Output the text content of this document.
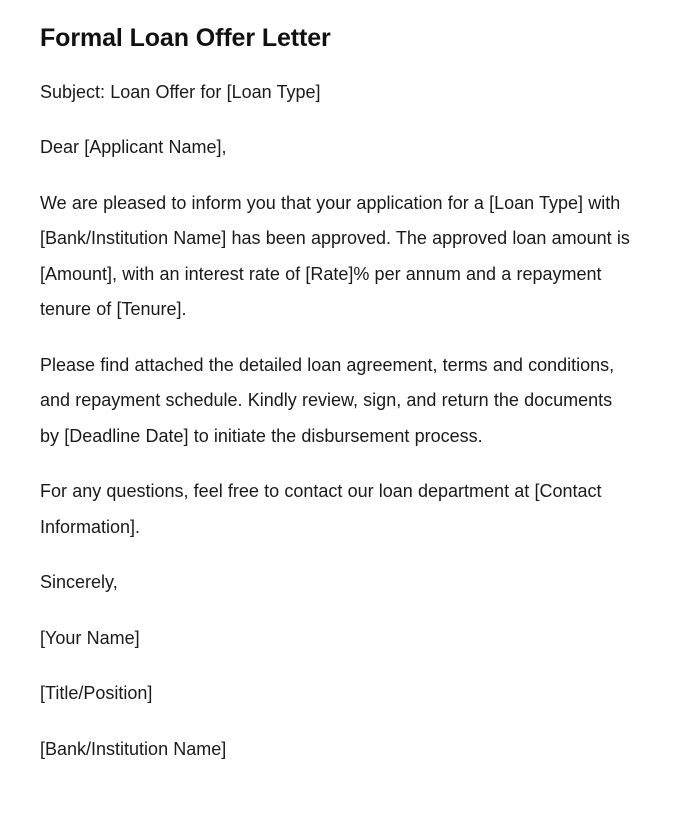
Formal Loan Offer Letter

Subject: Loan Offer for [Loan Type]

Dear [Applicant Name],

We are pleased to inform you that your application for a [Loan Type] with [Bank/Institution Name] has been approved. The approved loan amount is [Amount], with an interest rate of [Rate]% per annum and a repayment tenure of [Tenure].

Please find attached the detailed loan agreement, terms and conditions, and repayment schedule. Kindly review, sign, and return the documents by [Deadline Date] to initiate the disbursement process.

For any questions, feel free to contact our loan department at [Contact Information].

Sincerely,

[Your Name]

[Title/Position]

[Bank/Institution Name]
